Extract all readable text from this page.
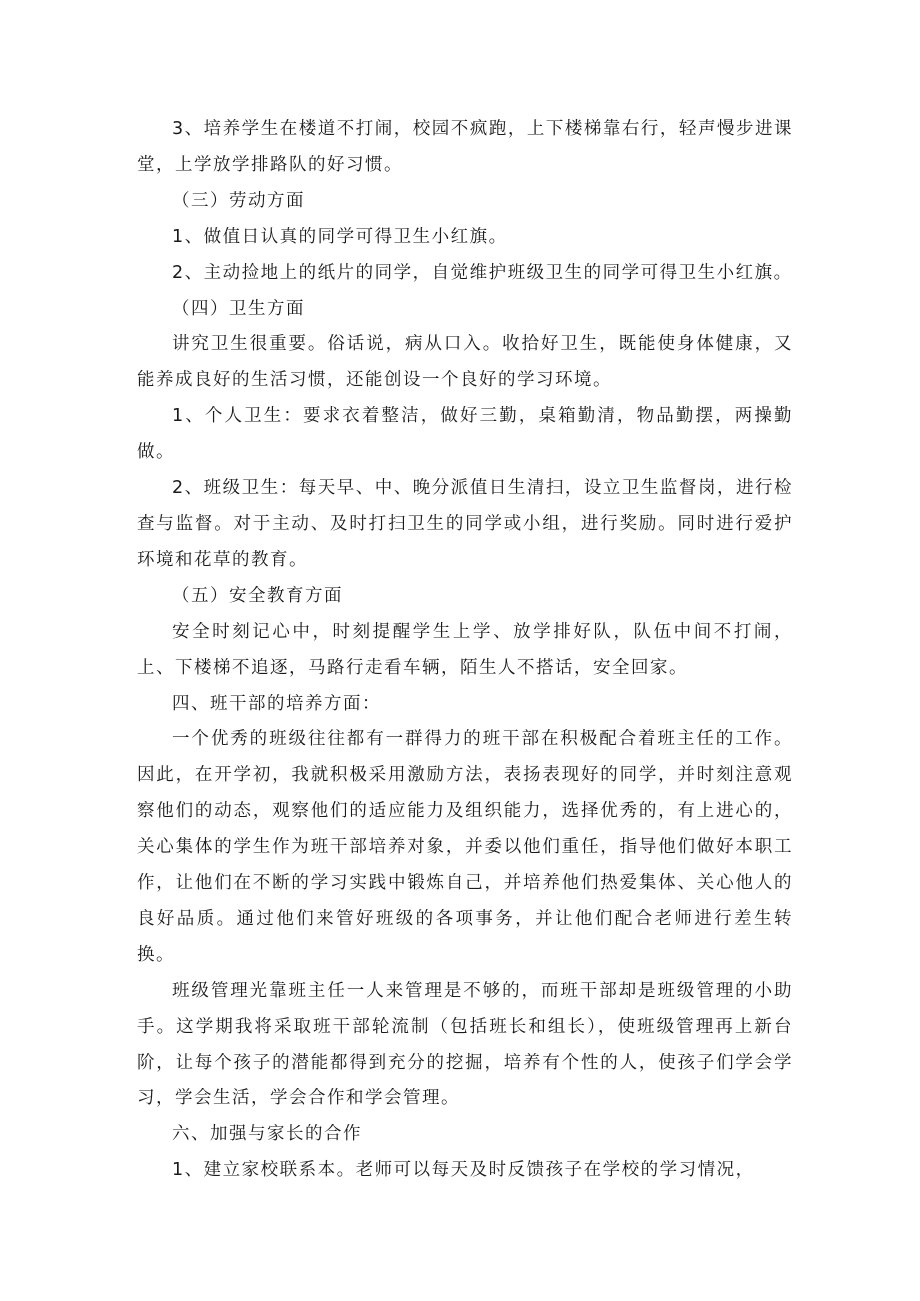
3、培养学生在楼道不打闹，校园不疯跑，上下楼梯靠右行，轻声慢步进课堂，上学放学排路队的好习惯。

（三）劳动方面

1、做值日认真的同学可得卫生小红旗。

2、主动捡地上的纸片的同学，自觉维护班级卫生的同学可得卫生小红旗。

（四）卫生方面

讲究卫生很重要。俗话说，病从口入。收拾好卫生，既能使身体健康，又能养成良好的生活习惯，还能创设一个良好的学习环境。

1、个人卫生：要求衣着整洁，做好三勤，桌箱勤清，物品勤摆，两操勤做。

2、班级卫生：每天早、中、晚分派值日生清扫，设立卫生监督岗，进行检查与监督。对于主动、及时打扫卫生的同学或小组，进行奖励。同时进行爱护环境和花草的教育。

（五）安全教育方面

安全时刻记心中，时刻提醒学生上学、放学排好队，队伍中间不打闹，上、下楼梯不追逐，马路行走看车辆，陌生人不搭话，安全回家。

四、班干部的培养方面：

一个优秀的班级往往都有一群得力的班干部在积极配合着班主任的工作。因此，在开学初，我就积极采用激励方法，表扬表现好的同学，并时刻注意观察他们的动态，观察他们的适应能力及组织能力，选择优秀的，有上进心的，关心集体的学生作为班干部培养对象，并委以他们重任，指导他们做好本职工作，让他们在不断的学习实践中锻炼自己，并培养他们热爱集体、关心他人的良好品质。通过他们来管好班级的各项事务，并让他们配合老师进行差生转换。

班级管理光靠班主任一人来管理是不够的，而班干部却是班级管理的小助手。这学期我将采取班干部轮流制（包括班长和组长），使班级管理再上新台阶，让每个孩子的潜能都得到充分的挖掘，培养有个性的人，使孩子们学会学习，学会生活，学会合作和学会管理。

六、加强与家长的合作

1、建立家校联系本。老师可以每天及时反馈孩子在学校的学习情况，
